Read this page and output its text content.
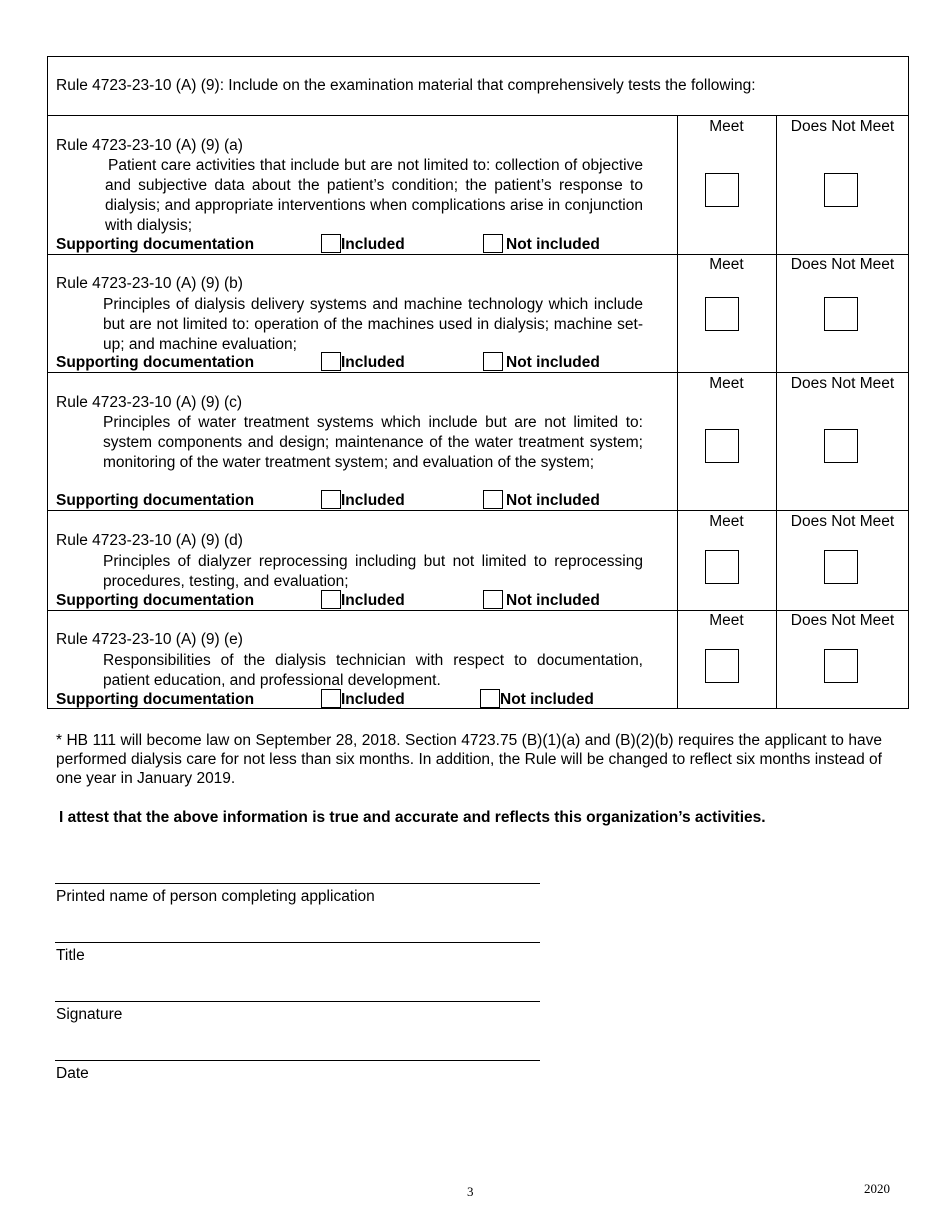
Rule 4723-23-10 (A) (9): Include on the examination material that comprehensively tests the following:
Meet	Does Not Meet
Rule 4723-23-10 (A) (9) (a)
Patient care activities that include but are not limited to: collection of objective and subjective data about the patient’s condition; the patient’s response to dialysis; and appropriate interventions when complications arise in conjunction with dialysis;
Supporting documentation	Included	Not included
Meet	Does Not Meet
Rule 4723-23-10 (A) (9) (b)
Principles of dialysis delivery systems and machine technology which include but are not limited to: operation of the machines used in dialysis; machine set-up; and machine evaluation;
Supporting documentation	Included	Not included
Meet	Does Not Meet
Rule 4723-23-10 (A) (9) (c)
Principles of water treatment systems which include but are not limited to: system components and design; maintenance of the water treatment system; monitoring of the water treatment system; and evaluation of the system;
Supporting documentation	Included	Not included
Meet	Does Not Meet
Rule 4723-23-10 (A) (9) (d)
Principles of dialyzer reprocessing including but not limited to reprocessing procedures, testing, and evaluation;
Supporting documentation	Included	Not included
Meet	Does Not Meet
Rule 4723-23-10 (A) (9) (e)
Responsibilities of the dialysis technician with respect to documentation, patient education, and professional development.
Supporting documentation	Included	Not included
* HB 111 will become law on September 28, 2018. Section 4723.75 (B)(1)(a) and (B)(2)(b) requires the applicant to have performed dialysis care for not less than six months. In addition, the Rule will be changed to reflect six months instead of one year in January 2019.
I attest that the above information is true and accurate and reflects this organization’s activities.
Printed name of person completing application
Title
Signature
Date
3	2020
